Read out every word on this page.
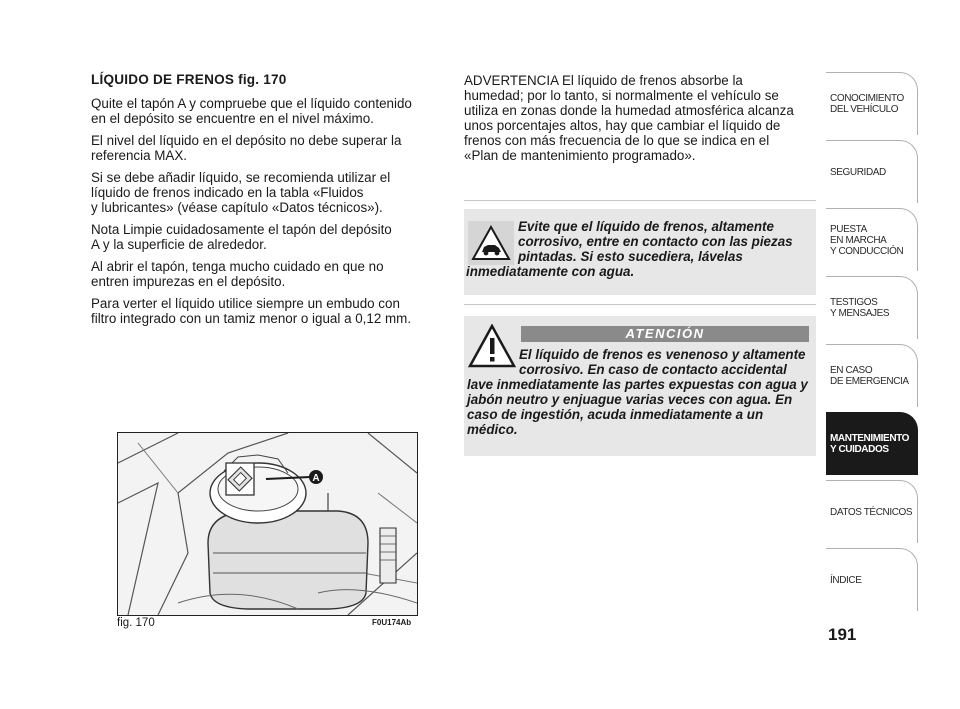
LÍQUIDO DE FRENOS fig. 170

Quite el tapón A y compruebe que el líquido contenido
en el depósito se encuentre en el nivel máximo.

El nivel del líquido en el depósito no debe superar la
referencia MAX.

Si se debe añadir líquido, se recomienda utilizar el
líquido de frenos indicado en la tabla «Fluidos
y lubricantes» (véase capítulo «Datos técnicos»).

Nota Limpie cuidadosamente el tapón del depósito
A y la superficie de alrededor.

Al abrir el tapón, tenga mucho cuidado en que no
entren impurezas en el depósito.

Para verter el líquido utilice siempre un embudo con
filtro integrado con un tamiz menor o igual a 0,12 mm.

ADVERTENCIA El líquido de frenos absorbe la
humedad; por lo tanto, si normalmente el vehículo se
utiliza en zonas donde la humedad atmosférica alcanza
unos porcentajes altos, hay que cambiar el líquido de
frenos con más frecuencia de lo que se indica en el
«Plan de mantenimiento programado».

Evite que el líquido de frenos, altamente corrosivo, entre en contacto con las piezas pintadas. Si esto sucediera, lávelas inmediatamente con agua.
ATENCIÓN
El líquido de frenos es venenoso y altamente corrosivo. En caso de contacto accidental lave inmediatamente las partes expuestas con agua y jabón neutro y enjuague varias veces con agua. En caso de ingestión, acuda inmediatamente a un médico.
A
fig. 170	F0U174Ab
CONOCIMIENTO
DEL VEHÍCULO
SEGURIDAD
PUESTA
EN MARCHA
Y CONDUCCIÓN
TESTIGOS
Y MENSAJES
EN CASO
DE EMERGENCIA
MANTENIMIENTO
Y CUIDADOS
DATOS TÉCNICOS
ÍNDICE
191
